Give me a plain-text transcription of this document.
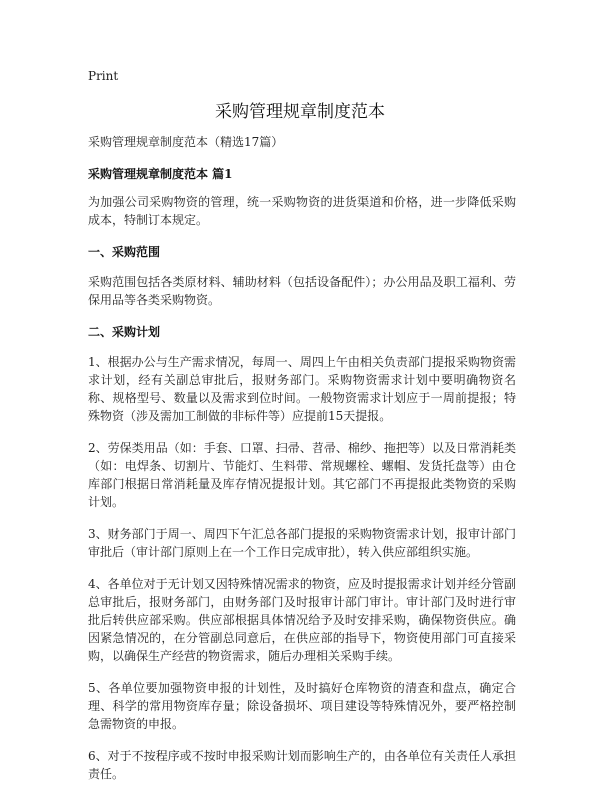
Print
采购管理规章制度范本

采购管理规章制度范本（精选17篇）

采购管理规章制度范本 篇1

为加强公司采购物资的管理，统一采购物资的进货渠道和价格，进一步降低采购成本，特制订本规定。

一、采购范围

采购范围包括各类原材料、辅助材料（包括设备配件）；办公用品及职工福利、劳保用品等各类采购物资。

二、采购计划

1、根据办公与生产需求情况，每周一、周四上午由相关负责部门提报采购物资需求计划，经有关副总审批后，报财务部门。采购物资需求计划中要明确物资名称、规格型号、数量以及需求到位时间。一般物资需求计划应于一周前提报；特殊物资（涉及需加工制做的非标件等）应提前15天提报。

2、劳保类用品（如：手套、口罩、扫帚、苕帚、棉纱、拖把等）以及日常消耗类（如：电焊条、切割片、节能灯、生料带、常规螺栓、螺帽、发货托盘等）由仓库部门根据日常消耗量及库存情况提报计划。其它部门不再提报此类物资的采购计划。

3、财务部门于周一、周四下午汇总各部门提报的采购物资需求计划，报审计部门审批后（审计部门原则上在一个工作日完成审批），转入供应部组织实施。

4、各单位对于无计划又因特殊情况需求的物资，应及时提报需求计划并经分管副总审批后，报财务部门，由财务部门及时报审计部门审计。审计部门及时进行审批后转供应部采购。供应部根据具体情况给予及时安排采购，确保物资供应。确因紧急情况的，在分管副总同意后，在供应部的指导下，物资使用部门可直接采购，以确保生产经营的物资需求，随后办理相关采购手续。

5、各单位要加强物资申报的计划性，及时搞好仓库物资的清查和盘点，确定合理、科学的常用物资库存量；除设备损坏、项目建设等特殊情况外，要严格控制急需物资的申报。

6、对于不按程序或不按时申报采购计划而影响生产的，由各单位有关责任人承担责任。
